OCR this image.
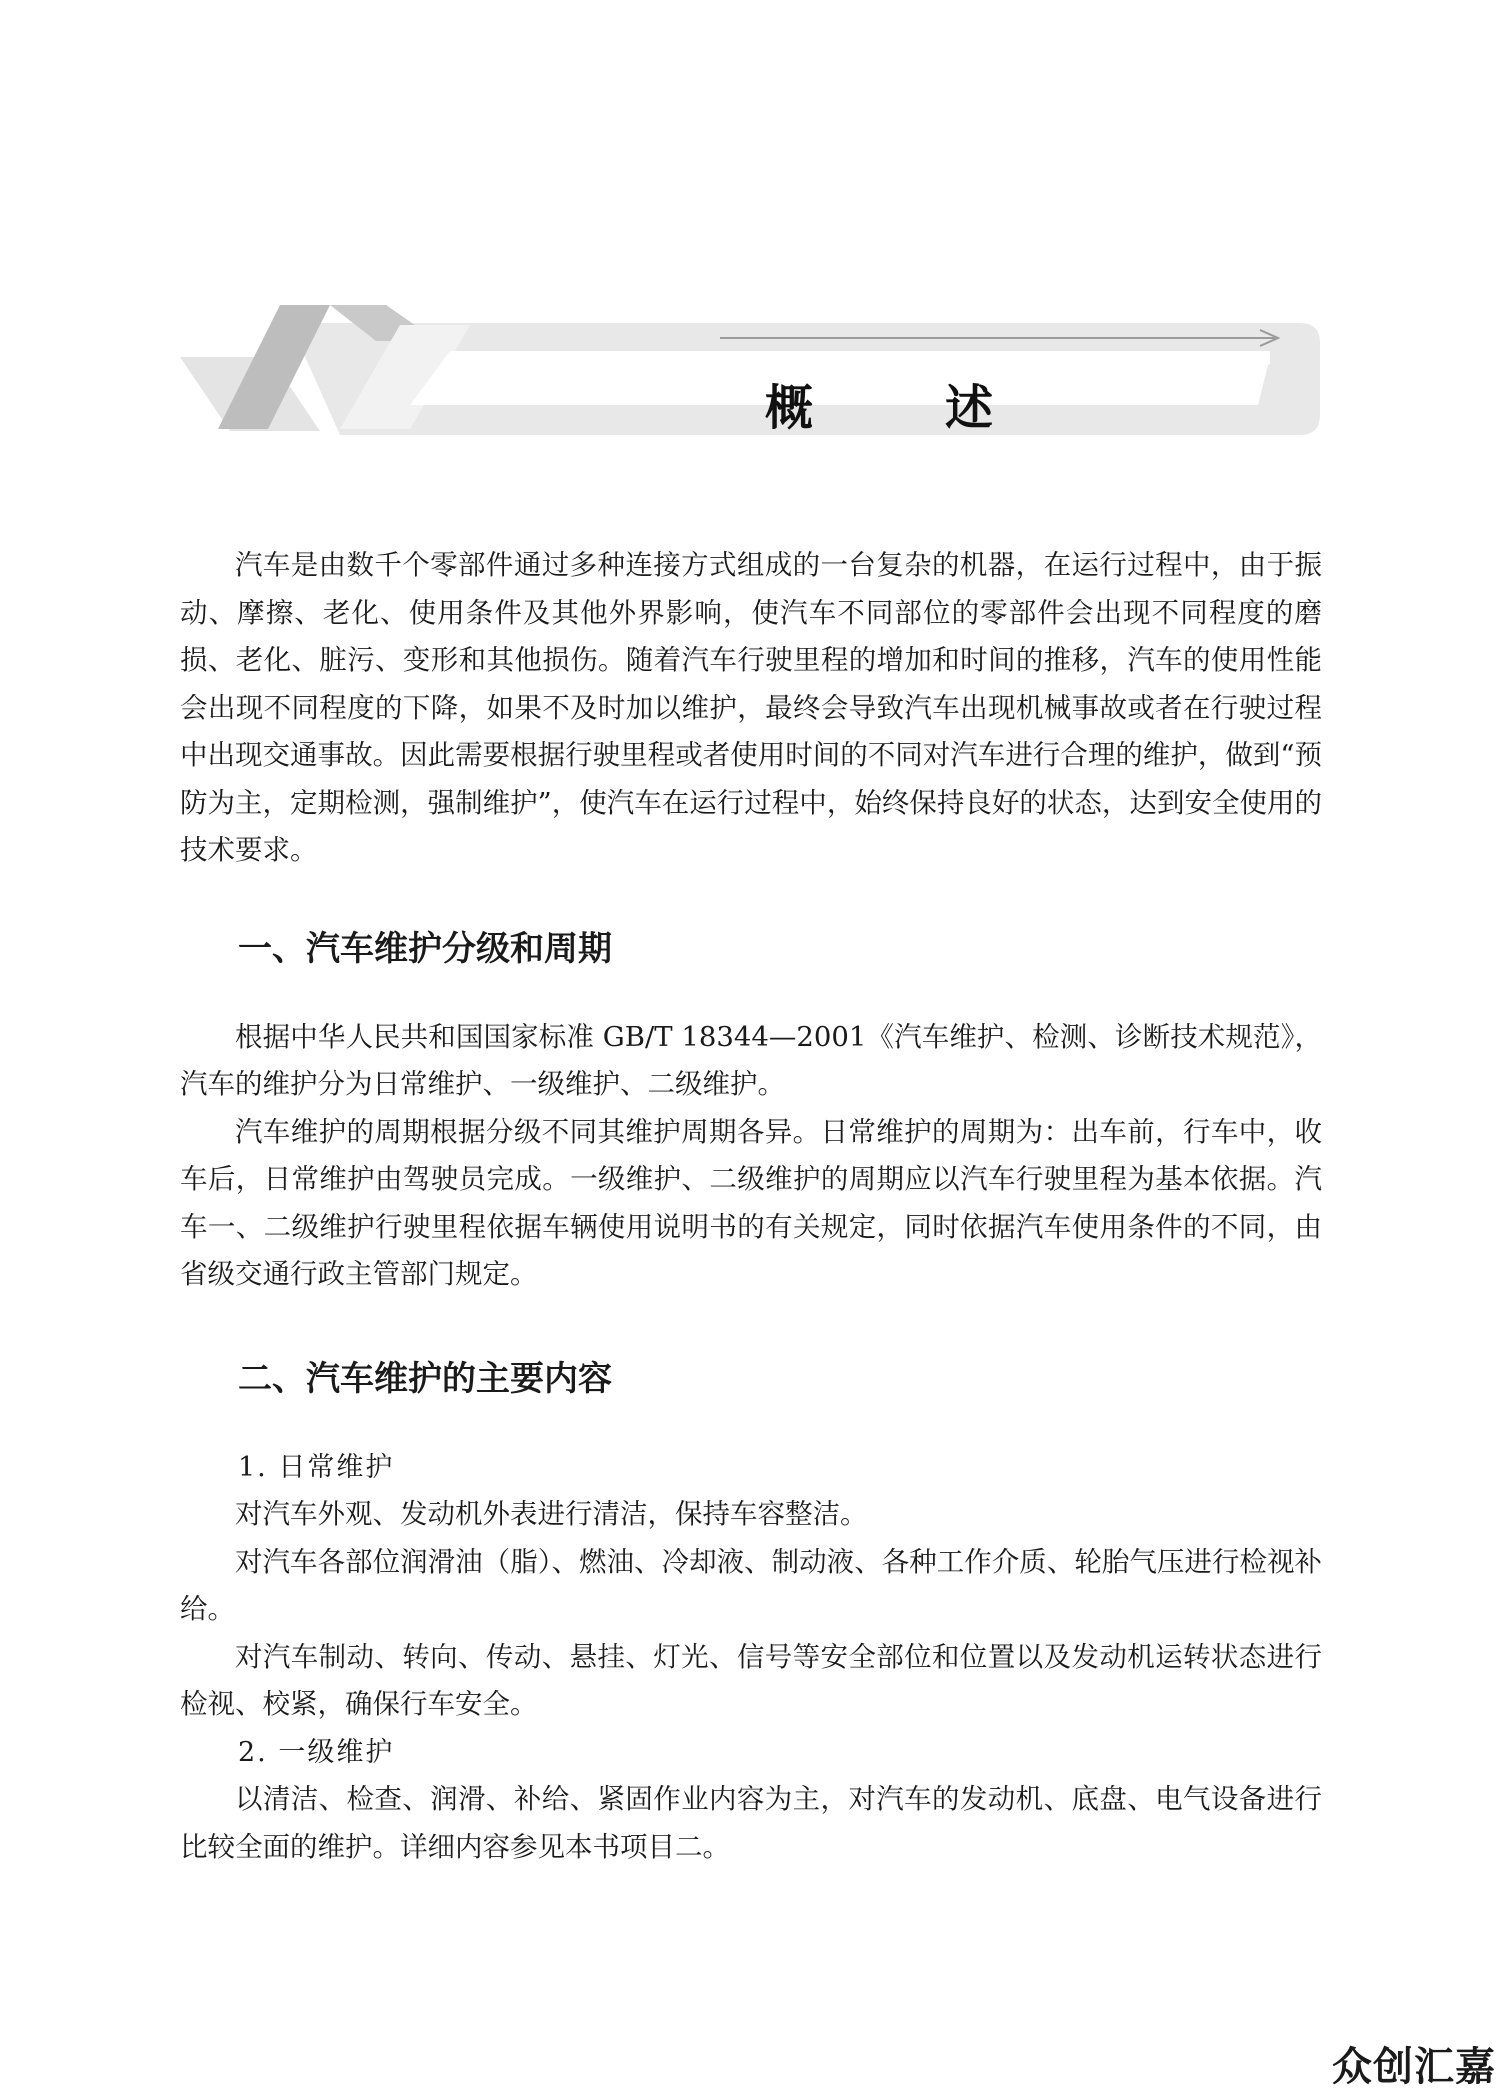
概　述

汽车是由数千个零部件通过多种连接方式组成的一台复杂的机器，在运行过程中，由于振动、摩擦、老化、使用条件及其他外界影响，使汽车不同部位的零部件会出现不同程度的磨损、老化、脏污、变形和其他损伤。随着汽车行驶里程的增加和时间的推移，汽车的使用性能会出现不同程度的下降，如果不及时加以维护，最终会导致汽车出现机械事故或者在行驶过程中出现交通事故。因此需要根据行驶里程或者使用时间的不同对汽车进行合理的维护，做到“预防为主，定期检测，强制维护”，使汽车在运行过程中，始终保持良好的状态，达到安全使用的技术要求。

一、汽车维护分级和周期

根据中华人民共和国国家标准 GB/T 18344—2001《汽车维护、检测、诊断技术规范》，汽车的维护分为日常维护、一级维护、二级维护。

汽车维护的周期根据分级不同其维护周期各异。日常维护的周期为：出车前，行车中，收车后，日常维护由驾驶员完成。一级维护、二级维护的周期应以汽车行驶里程为基本依据。汽车一、二级维护行驶里程依据车辆使用说明书的有关规定，同时依据汽车使用条件的不同，由省级交通行政主管部门规定。

二、汽车维护的主要内容
1. 日常维护

对汽车外观、发动机外表进行清洁，保持车容整洁。

对汽车各部位润滑油（脂）、燃油、冷却液、制动液、各种工作介质、轮胎气压进行检视补给。

对汽车制动、转向、传动、悬挂、灯光、信号等安全部位和位置以及发动机运转状态进行检视、校紧，确保行车安全。

2. 一级维护

以清洁、检查、润滑、补给、紧固作业内容为主，对汽车的发动机、底盘、电气设备进行比较全面的维护。详细内容参见本书项目二。

众创汇嘉
